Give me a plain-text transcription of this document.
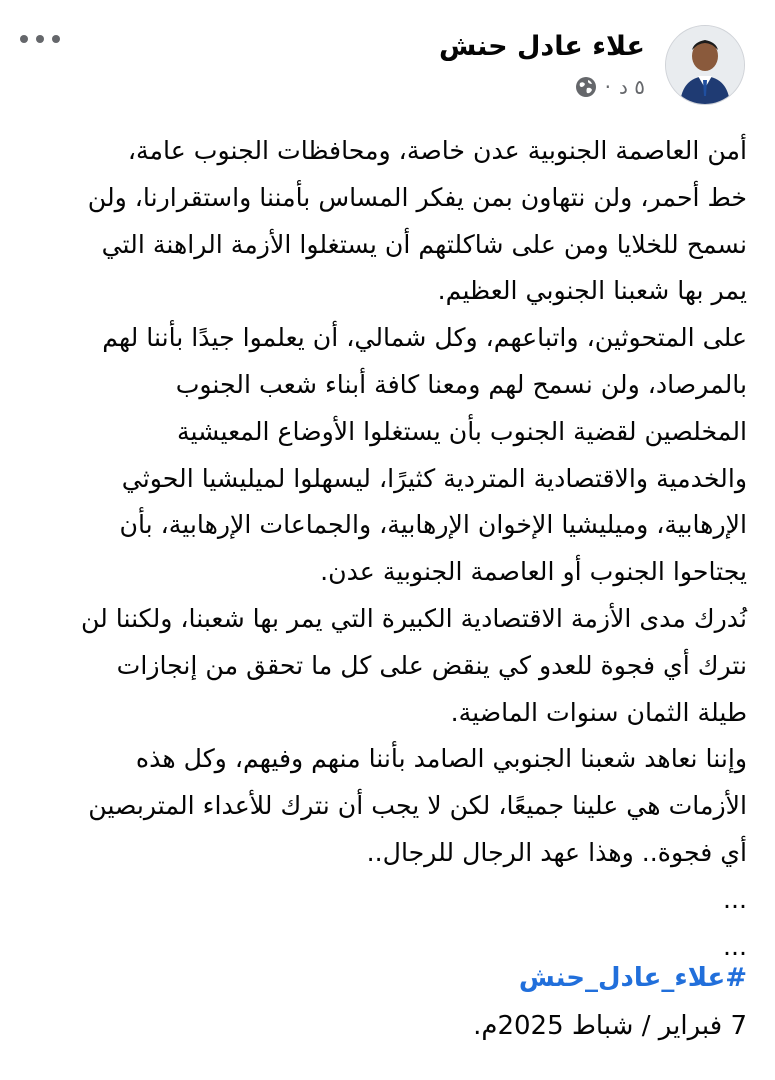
علاء عادل حنش
٥ د
·

أمن العاصمة الجنوبية عدن خاصة، ومحافظات الجنوب عامة،

خط أحمر، ولن نتهاون بمن يفكر المساس بأمننا واستقرارنا، ولن

نسمح للخلايا ومن على شاكلتهم أن يستغلوا الأزمة الراهنة التي

يمر بها شعبنا الجنوبي العظيم.

على المتحوثين، واتباعهم، وكل شمالي، أن يعلموا جيدًا بأننا لهم

بالمرصاد، ولن نسمح لهم ومعنا كافة أبناء شعب الجنوب

المخلصين لقضية الجنوب بأن يستغلوا الأوضاع المعيشية

والخدمية والاقتصادية المتردية كثيرًا، ليسهلوا لميليشيا الحوثي

الإرهابية، وميليشيا الإخوان الإرهابية، والجماعات الإرهابية، بأن

يجتاحوا الجنوب أو العاصمة الجنوبية عدن.

نُدرك مدى الأزمة الاقتصادية الكبيرة التي يمر بها شعبنا، ولكننا لن

نترك أي فجوة للعدو كي ينقض على كل ما تحقق من إنجازات

طيلة الثمان سنوات الماضية.

وإننا نعاهد شعبنا الجنوبي الصامد بأننا منهم وفيهم، وكل هذه

الأزمات هي علينا جميعًا، لكن لا يجب أن نترك للأعداء المتربصين

أي فجوة.. وهذا عهد الرجال للرجال..

...

...

#علاء_عادل_حنش
7 فبراير / شباط 2025م.
